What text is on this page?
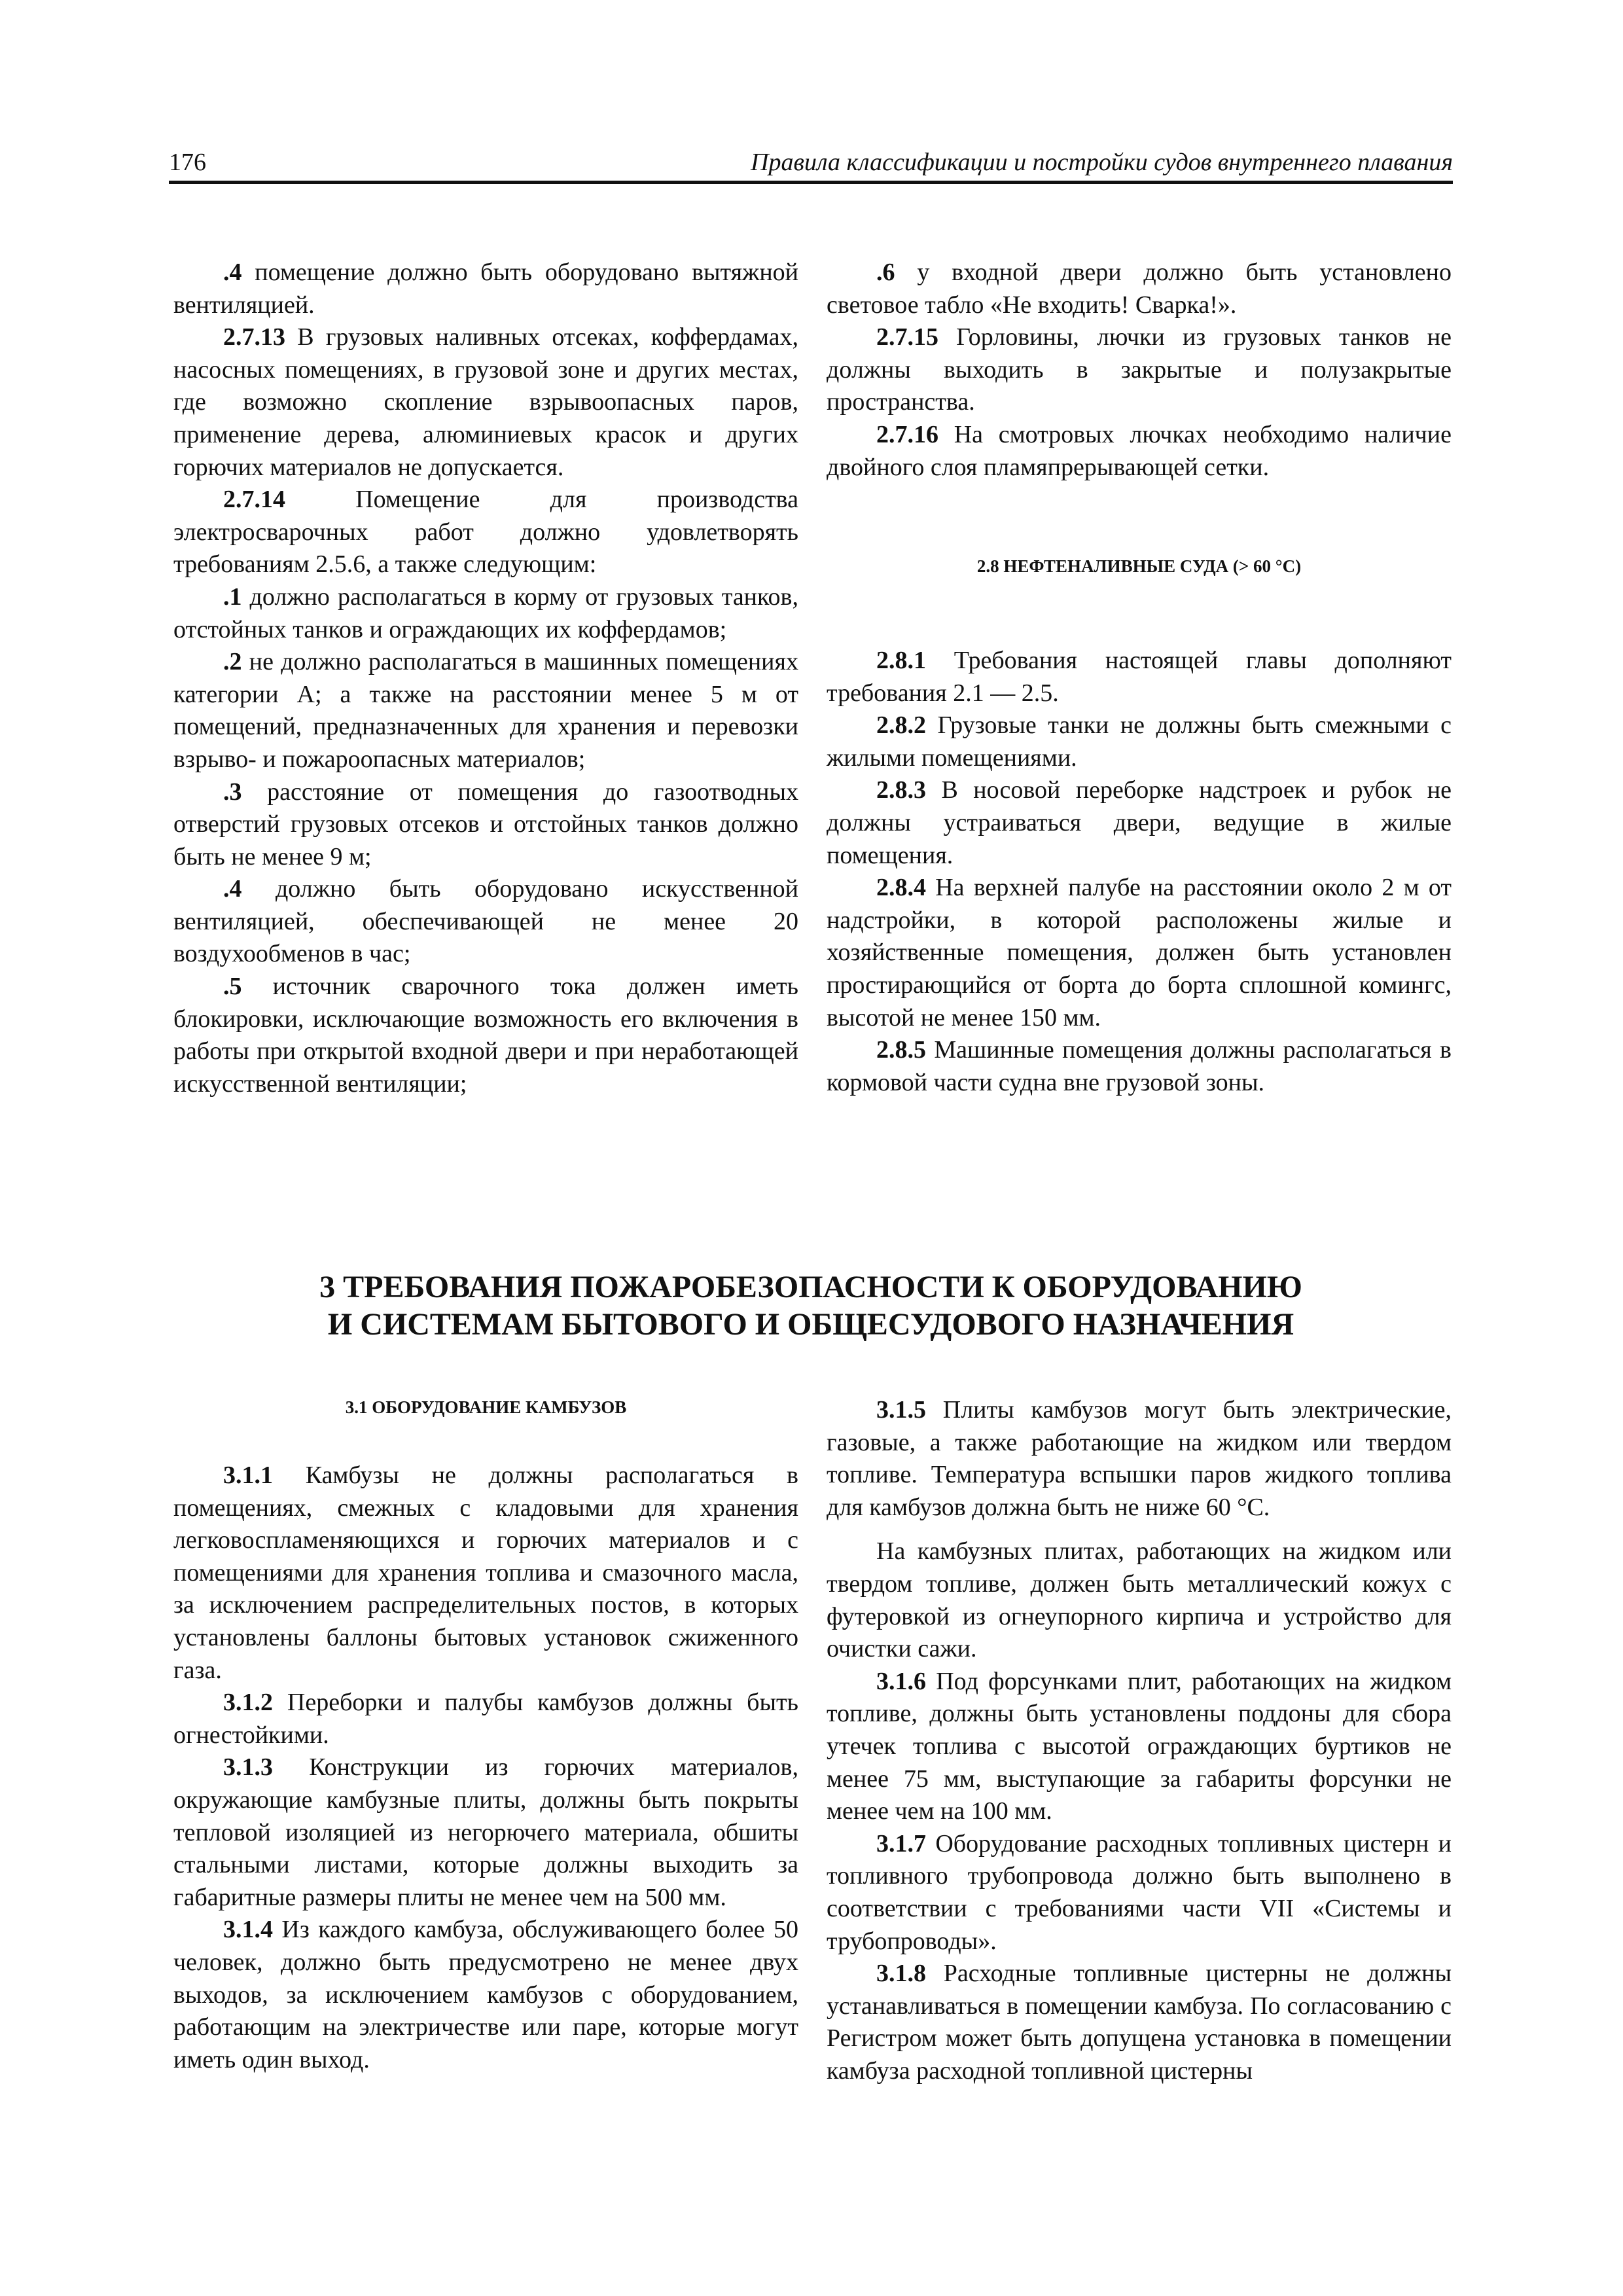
176	Правила классификации и постройки судов внутреннего плавания

.4 помещение должно быть оборудовано вытяжной вентиляцией.

2.7.13 В грузовых наливных отсеках, коффердамах, насосных помещениях, в грузовой зоне и других местах, где возможно скопление взрывоопасных паров, применение дерева, алюминиевых красок и других горючих материалов не допускается.

2.7.14 Помещение для производства электросварочных работ должно удовлетворять требованиям 2.5.6, а также следующим:

.1 должно располагаться в корму от грузовых танков, отстойных танков и ограждающих их коффердамов;

.2 не должно располагаться в машинных помещениях категории А; а также на расстоянии менее 5 м от помещений, предназначенных для хранения и перевозки взрыво- и пожароопасных материалов;

.3 расстояние от помещения до газоотводных отверстий грузовых отсеков и отстойных танков должно быть не менее 9 м;

.4 должно быть оборудовано искусственной вентиляцией, обеспечивающей не менее 20 воздухообменов в час;

.5 источник сварочного тока должен иметь блокировки, исключающие возможность его включения в работы при открытой входной двери и при неработающей искусственной вентиляции;

.6 у входной двери должно быть установлено световое табло «Не входить! Сварка!».

2.7.15 Горловины, лючки из грузовых танков не должны выходить в закрытые и полузакрытые пространства.

2.7.16 На смотровых лючках необходимо наличие двойного слоя пламяпрерывающей сетки.

2.8 НЕФТЕНАЛИВНЫЕ СУДА (> 60 °С)

2.8.1 Требования настоящей главы дополняют требования 2.1 — 2.5.

2.8.2 Грузовые танки не должны быть смежными с жилыми помещениями.

2.8.3 В носовой переборке надстроек и рубок не должны устраиваться двери, ведущие в жилые помещения.

2.8.4 На верхней палубе на расстоянии около 2 м от надстройки, в которой расположены жилые и хозяйственные помещения, должен быть установлен простирающийся от борта до борта сплошной комингс, высотой не менее 150 мм.

2.8.5 Машинные помещения должны располагаться в кормовой части судна вне грузовой зоны.

3 ТРЕБОВАНИЯ ПОЖАРОБЕЗОПАСНОСТИ К ОБОРУДОВАНИЮ
И СИСТЕМАМ БЫТОВОГО И ОБЩЕСУДОВОГО НАЗНАЧЕНИЯ
3.1 ОБОРУДОВАНИЕ КАМБУЗОВ

3.1.1 Камбузы не должны располагаться в помещениях, смежных с кладовыми для хранения легковоспламеняющихся и горючих материалов и с помещениями для хранения топлива и смазочного масла, за исключением распределительных постов, в которых установлены баллоны бытовых установок сжиженного газа.

3.1.2 Переборки и палубы камбузов должны быть огнестойкими.

3.1.3 Конструкции из горючих материалов, окружающие камбузные плиты, должны быть покрыты тепловой изоляцией из негорючего материала, обшиты стальными листами, которые должны выходить за габаритные размеры плиты не менее чем на 500 мм.

3.1.4 Из каждого камбуза, обслуживающего более 50 человек, должно быть предусмотрено не менее двух выходов, за исключением камбузов с оборудованием, работающим на электричестве или паре, которые могут иметь один выход.

3.1.5 Плиты камбузов могут быть электрические, газовые, а также работающие на жидком или твердом топливе. Температура вспышки паров жидкого топлива для камбузов должна быть не ниже 60 °С.

На камбузных плитах, работающих на жидком или твердом топливе, должен быть металлический кожух с футеровкой из огнеупорного кирпича и устройство для очистки сажи.

3.1.6 Под форсунками плит, работающих на жидком топливе, должны быть установлены поддоны для сбора утечек топлива с высотой ограждающих буртиков не менее 75 мм, выступающие за габариты форсунки не менее чем на 100 мм.

3.1.7 Оборудование расходных топливных цистерн и топливного трубопровода должно быть выполнено в соответствии с требованиями части VII «Системы и трубопроводы».

3.1.8 Расходные топливные цистерны не должны устанавливаться в помещении камбуза. По согласованию с Регистром может быть допущена установка в помещении камбуза расходной топливной цистерны
